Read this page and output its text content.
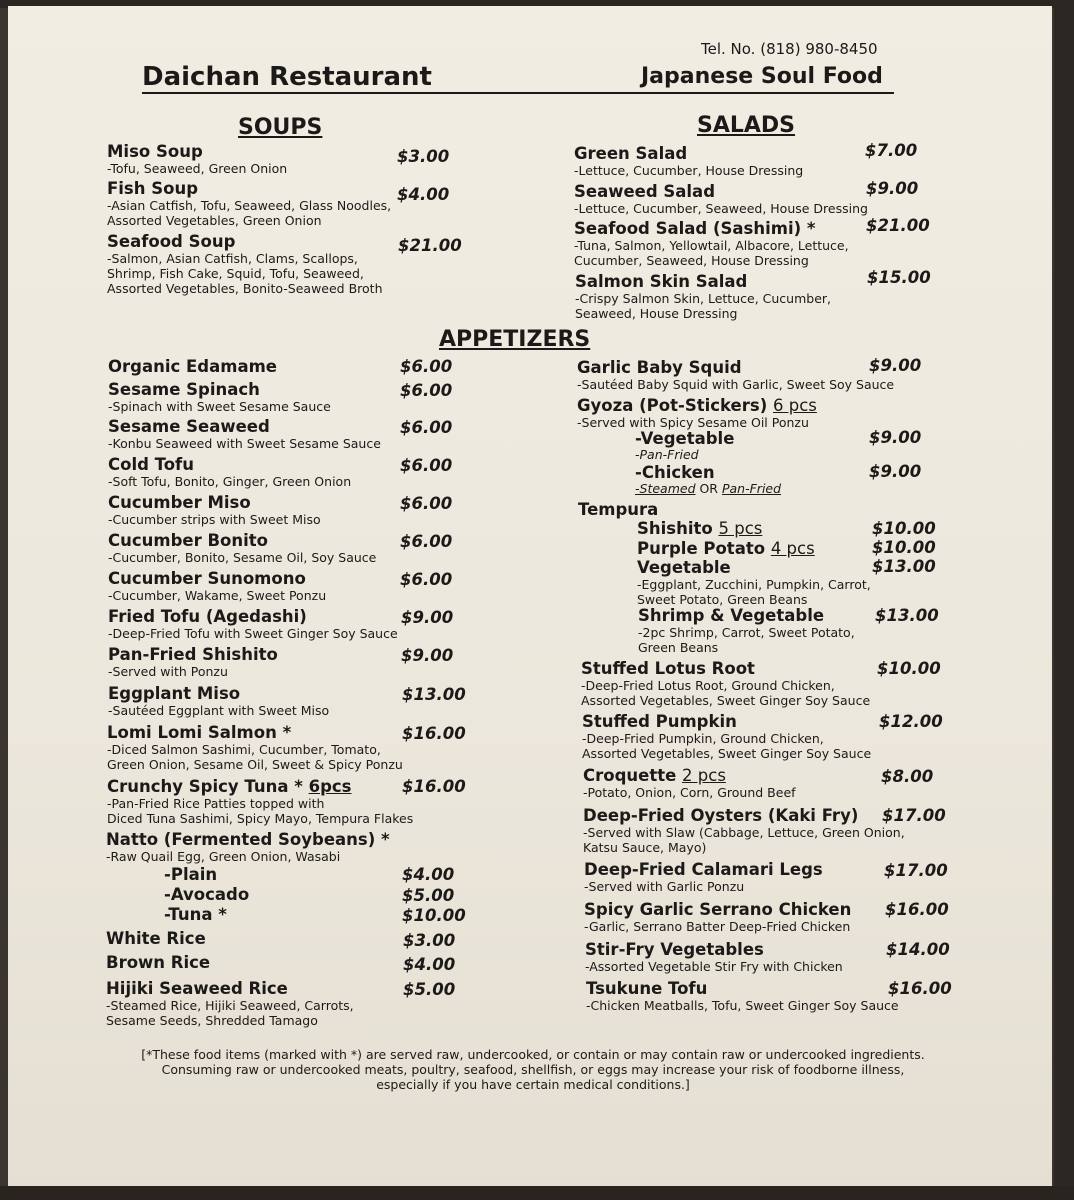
Tel. No. (818) 980-8450
Daichan Restaurant	Japanese Soul Food
SOUPS	SALADS
APPETIZERS
Miso Soup
-Tofu, Seaweed, Green Onion
$3.00
Fish Soup
-Asian Catfish, Tofu, Seaweed, Glass Noodles,
Assorted Vegetables, Green Onion
$4.00
Seafood Soup
-Salmon, Asian Catfish, Clams, Scallops,
Shrimp, Fish Cake, Squid, Tofu, Seaweed,
Assorted Vegetables, Bonito-Seaweed Broth
$21.00
Green Salad
-Lettuce, Cucumber, House Dressing
$7.00
Seaweed Salad
-Lettuce, Cucumber, Seaweed, House Dressing
$9.00
Seafood Salad (Sashimi) *
-Tuna, Salmon, Yellowtail, Albacore, Lettuce,
Cucumber, Seaweed, House Dressing
$21.00
Salmon Skin Salad
-Crispy Salmon Skin, Lettuce, Cucumber,
Seaweed, House Dressing
$15.00
Organic Edamame	$6.00
Sesame Spinach
-Spinach with Sweet Sesame Sauce
$6.00
Sesame Seaweed
-Konbu Seaweed with Sweet Sesame Sauce
$6.00
Cold Tofu
-Soft Tofu, Bonito, Ginger, Green Onion
$6.00
Cucumber Miso
-Cucumber strips with Sweet Miso
$6.00
Cucumber Bonito
-Cucumber, Bonito, Sesame Oil, Soy Sauce
$6.00
Cucumber Sunomono
-Cucumber, Wakame, Sweet Ponzu
$6.00
Fried Tofu (Agedashi)
-Deep-Fried Tofu with Sweet Ginger Soy Sauce
$9.00
Pan-Fried Shishito
-Served with Ponzu
$9.00
Eggplant Miso
-Sautéed Eggplant with Sweet Miso
$13.00
Lomi Lomi Salmon *
-Diced Salmon Sashimi, Cucumber, Tomato,
Green Onion, Sesame Oil, Sweet & Spicy Ponzu
$16.00
Crunchy Spicy Tuna * 6pcs
-Pan-Fried Rice Patties topped with
Diced Tuna Sashimi, Spicy Mayo, Tempura Flakes
$16.00
Natto (Fermented Soybeans) *
-Raw Quail Egg, Green Onion, Wasabi
-Plain	$4.00
-Avocado	$5.00
-Tuna *	$10.00
White Rice	$3.00
Brown Rice	$4.00
Hijiki Seaweed Rice
-Steamed Rice, Hijiki Seaweed, Carrots,
Sesame Seeds, Shredded Tamago
$5.00
Garlic Baby Squid
-Sautéed Baby Squid with Garlic, Sweet Soy Sauce
$9.00
Gyoza (Pot-Stickers) 6 pcs
-Served with Spicy Sesame Oil Ponzu
-Vegetable
-Pan-Fried
$9.00
-Chicken
-Steamed OR Pan-Fried
$9.00
Tempura
Shishito 5 pcs	$10.00
Purple Potato 4 pcs	$10.00
Vegetable
-Eggplant, Zucchini, Pumpkin, Carrot,
Sweet Potato, Green Beans
$13.00
Shrimp & Vegetable
-2pc Shrimp, Carrot, Sweet Potato,
Green Beans
$13.00
Stuffed Lotus Root
-Deep-Fried Lotus Root, Ground Chicken,
Assorted Vegetables, Sweet Ginger Soy Sauce
$10.00
Stuffed Pumpkin
-Deep-Fried Pumpkin, Ground Chicken,
Assorted Vegetables, Sweet Ginger Soy Sauce
$12.00
Croquette 2 pcs
-Potato, Onion, Corn, Ground Beef
$8.00
Deep-Fried Oysters (Kaki Fry)
-Served with Slaw (Cabbage, Lettuce, Green Onion,
Katsu Sauce, Mayo)
$17.00
Deep-Fried Calamari Legs
-Served with Garlic Ponzu
$17.00
Spicy Garlic Serrano Chicken
-Garlic, Serrano Batter Deep-Fried Chicken
$16.00
Stir-Fry Vegetables
-Assorted Vegetable Stir Fry with Chicken
$14.00
Tsukune Tofu
-Chicken Meatballs, Tofu, Sweet Ginger Soy Sauce
$16.00
[*These food items (marked with *) are served raw, undercooked, or contain or may contain raw or undercooked ingredients.
Consuming raw or undercooked meats, poultry, seafood, shellfish, or eggs may increase your risk of foodborne illness,
especially if you have certain medical conditions.]
